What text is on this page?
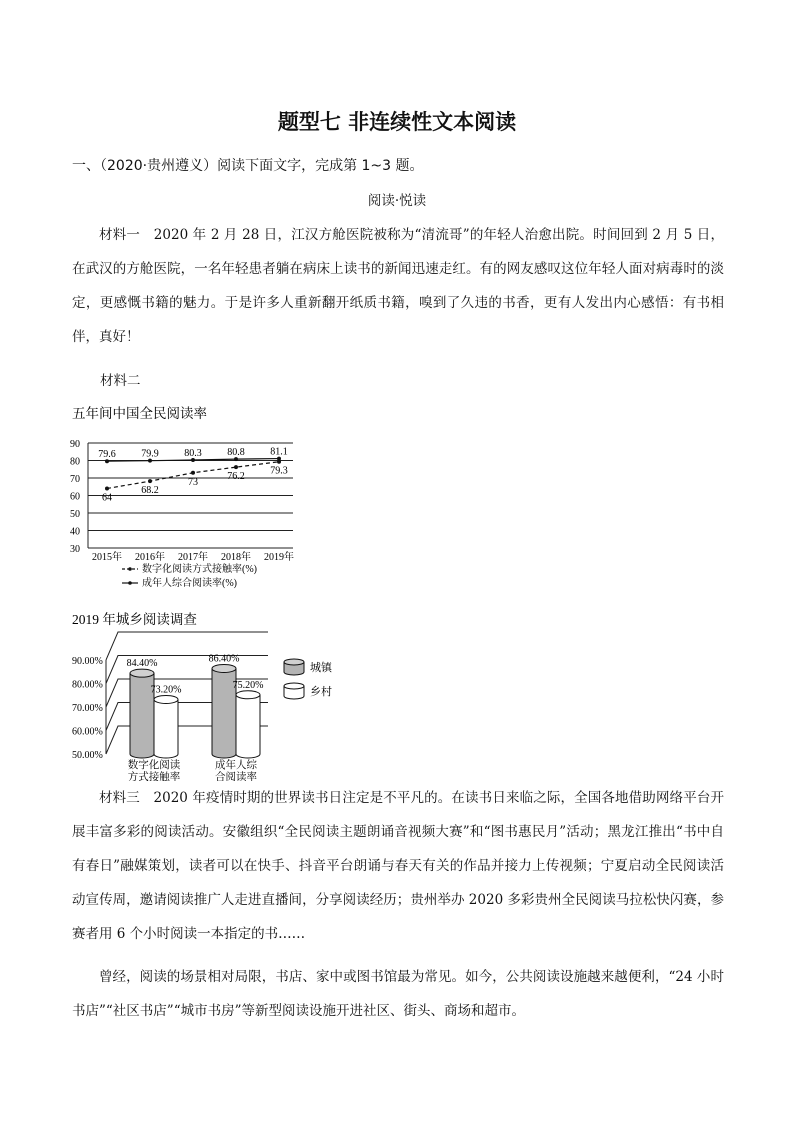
题型七 非连续性文本阅读

一、（2020·贵州遵义）阅读下面文字，完成第 1~3 题。

阅读·悦读

材料一　2020 年 2 月 28 日，江汉方舱医院被称为“清流哥”的年轻人治愈出院。时间回到 2 月 5 日，在武汉的方舱医院，一名年轻患者躺在病床上读书的新闻迅速走红。有的网友感叹这位年轻人面对病毒时的淡定，更感慨书籍的魅力。于是许多人重新翻开纸质书籍，嗅到了久违的书香，更有人发出内心感悟：有书相伴，真好！

材料二

五年间中国全民阅读率
30
40
50
60
70
80
90
2015年 2016年 2017年 2018年 2019年
64
68.2
73
76.2	79.3
79.6	79.9	80.3	80.8	81.1
数字化阅读方式接触率(%)
成年人综合阅读率(%)
2019 年城乡阅读调查
50.00%
60.00%
70.00%
80.00%
90.00% 84.40%
73.20%
86.40%
75.20%
数字化阅读
方式接触率
成年人综
合阅读率
城镇
乡村

材料三　2020 年疫情时期的世界读书日注定是不平凡的。在读书日来临之际，全国各地借助网络平台开展丰富多彩的阅读活动。安徽组织“全民阅读主题朗诵音视频大赛”和“图书惠民月”活动；黑龙江推出“书中自有春日”融媒策划，读者可以在快手、抖音平台朗诵与春天有关的作品并接力上传视频；宁夏启动全民阅读活动宣传周，邀请阅读推广人走进直播间，分享阅读经历；贵州举办 2020 多彩贵州全民阅读马拉松快闪赛，参赛者用 6 个小时阅读一本指定的书……

曾经，阅读的场景相对局限，书店、家中或图书馆最为常见。如今，公共阅读设施越来越便利，“24 小时书店”“社区书店”“城市书房”等新型阅读设施开进社区、街头、商场和超市。
